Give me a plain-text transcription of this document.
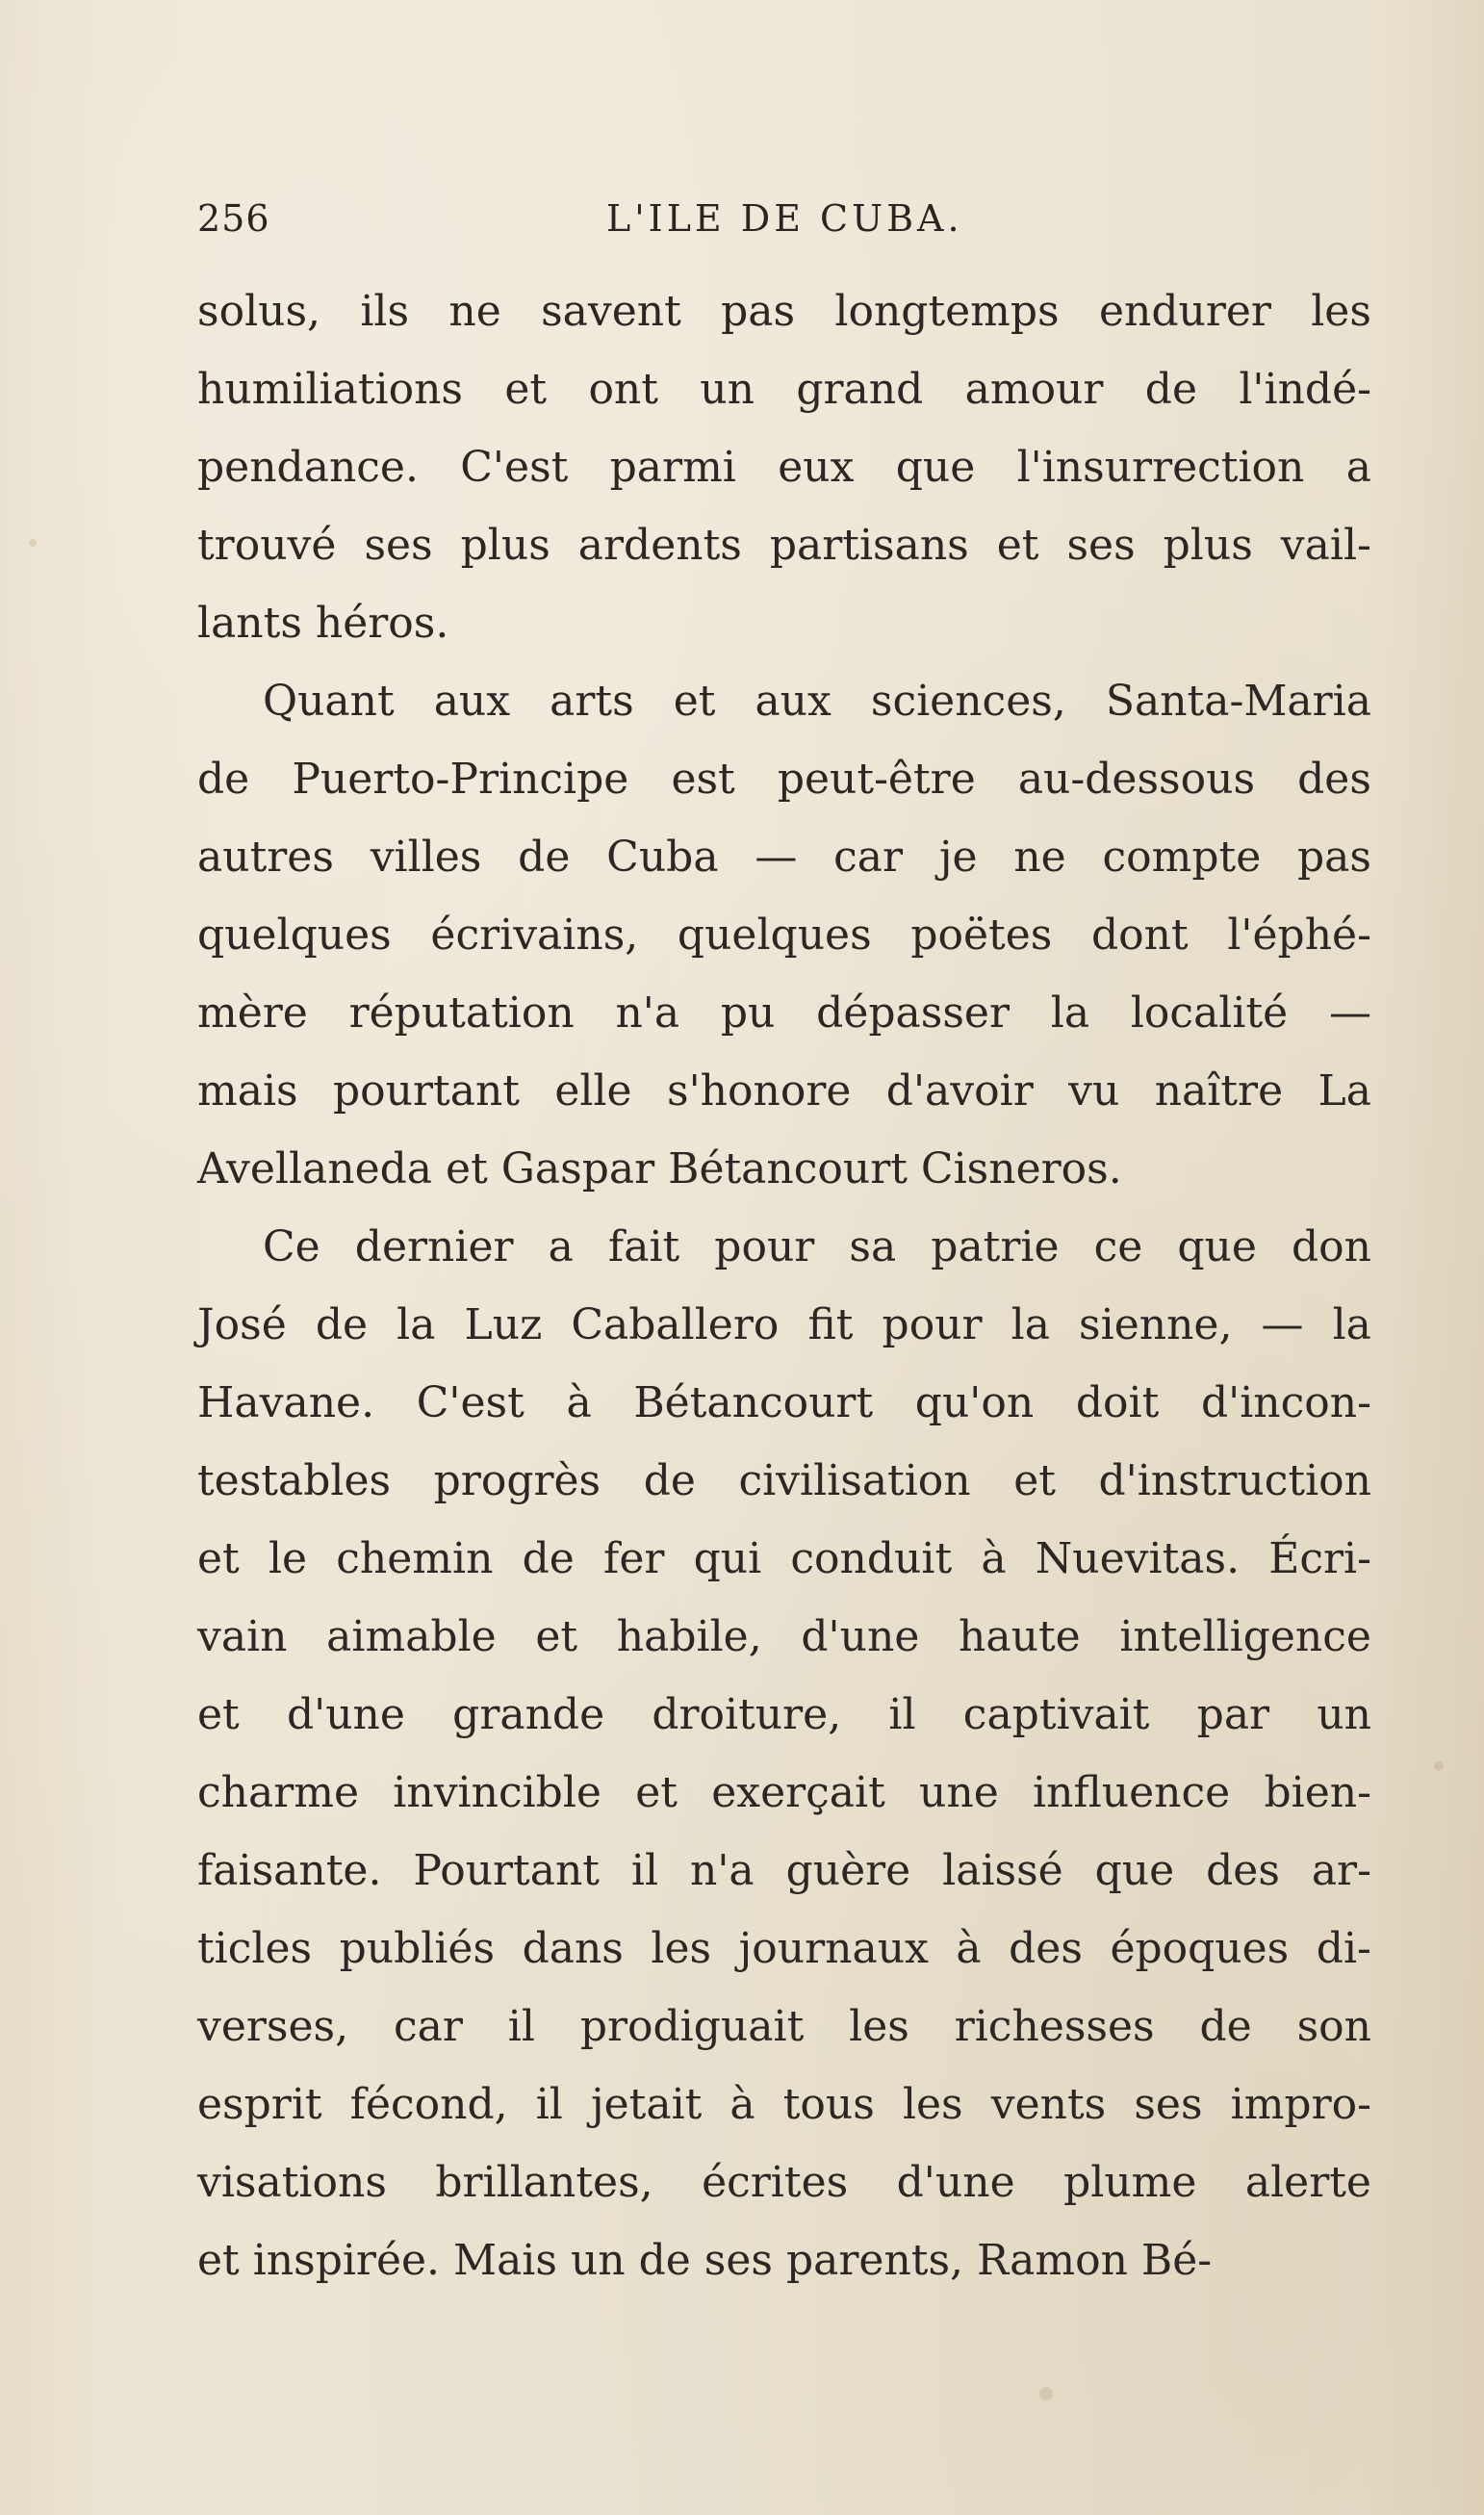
256	L'ILE DE CUBA.
solus, ils ne savent pas longtemps endurer les
humiliations et ont un grand amour de l'indé-
pendance. C'est parmi eux que l'insurrection a
trouvé ses plus ardents partisans et ses plus vail-
lants héros.
Quant aux arts et aux sciences, Santa-Maria
de Puerto-Principe est peut-être au-dessous des
autres villes de Cuba — car je ne compte pas
quelques écrivains, quelques poëtes dont l'éphé-
mère réputation n'a pu dépasser la localité —
mais pourtant elle s'honore d'avoir vu naître La
Avellaneda et Gaspar Bétancourt Cisneros.
Ce dernier a fait pour sa patrie ce que don
José de la Luz Caballero fit pour la sienne, — la
Havane. C'est à Bétancourt qu'on doit d'incon-
testables progrès de civilisation et d'instruction
et le chemin de fer qui conduit à Nuevitas. Écri-
vain aimable et habile, d'une haute intelligence
et d'une grande droiture, il captivait par un
charme invincible et exerçait une influence bien-
faisante. Pourtant il n'a guère laissé que des ar-
ticles publiés dans les journaux à des époques di-
verses, car il prodiguait les richesses de son
esprit fécond, il jetait à tous les vents ses impro-
visations brillantes, écrites d'une plume alerte
et inspirée. Mais un de ses parents, Ramon Bé-
